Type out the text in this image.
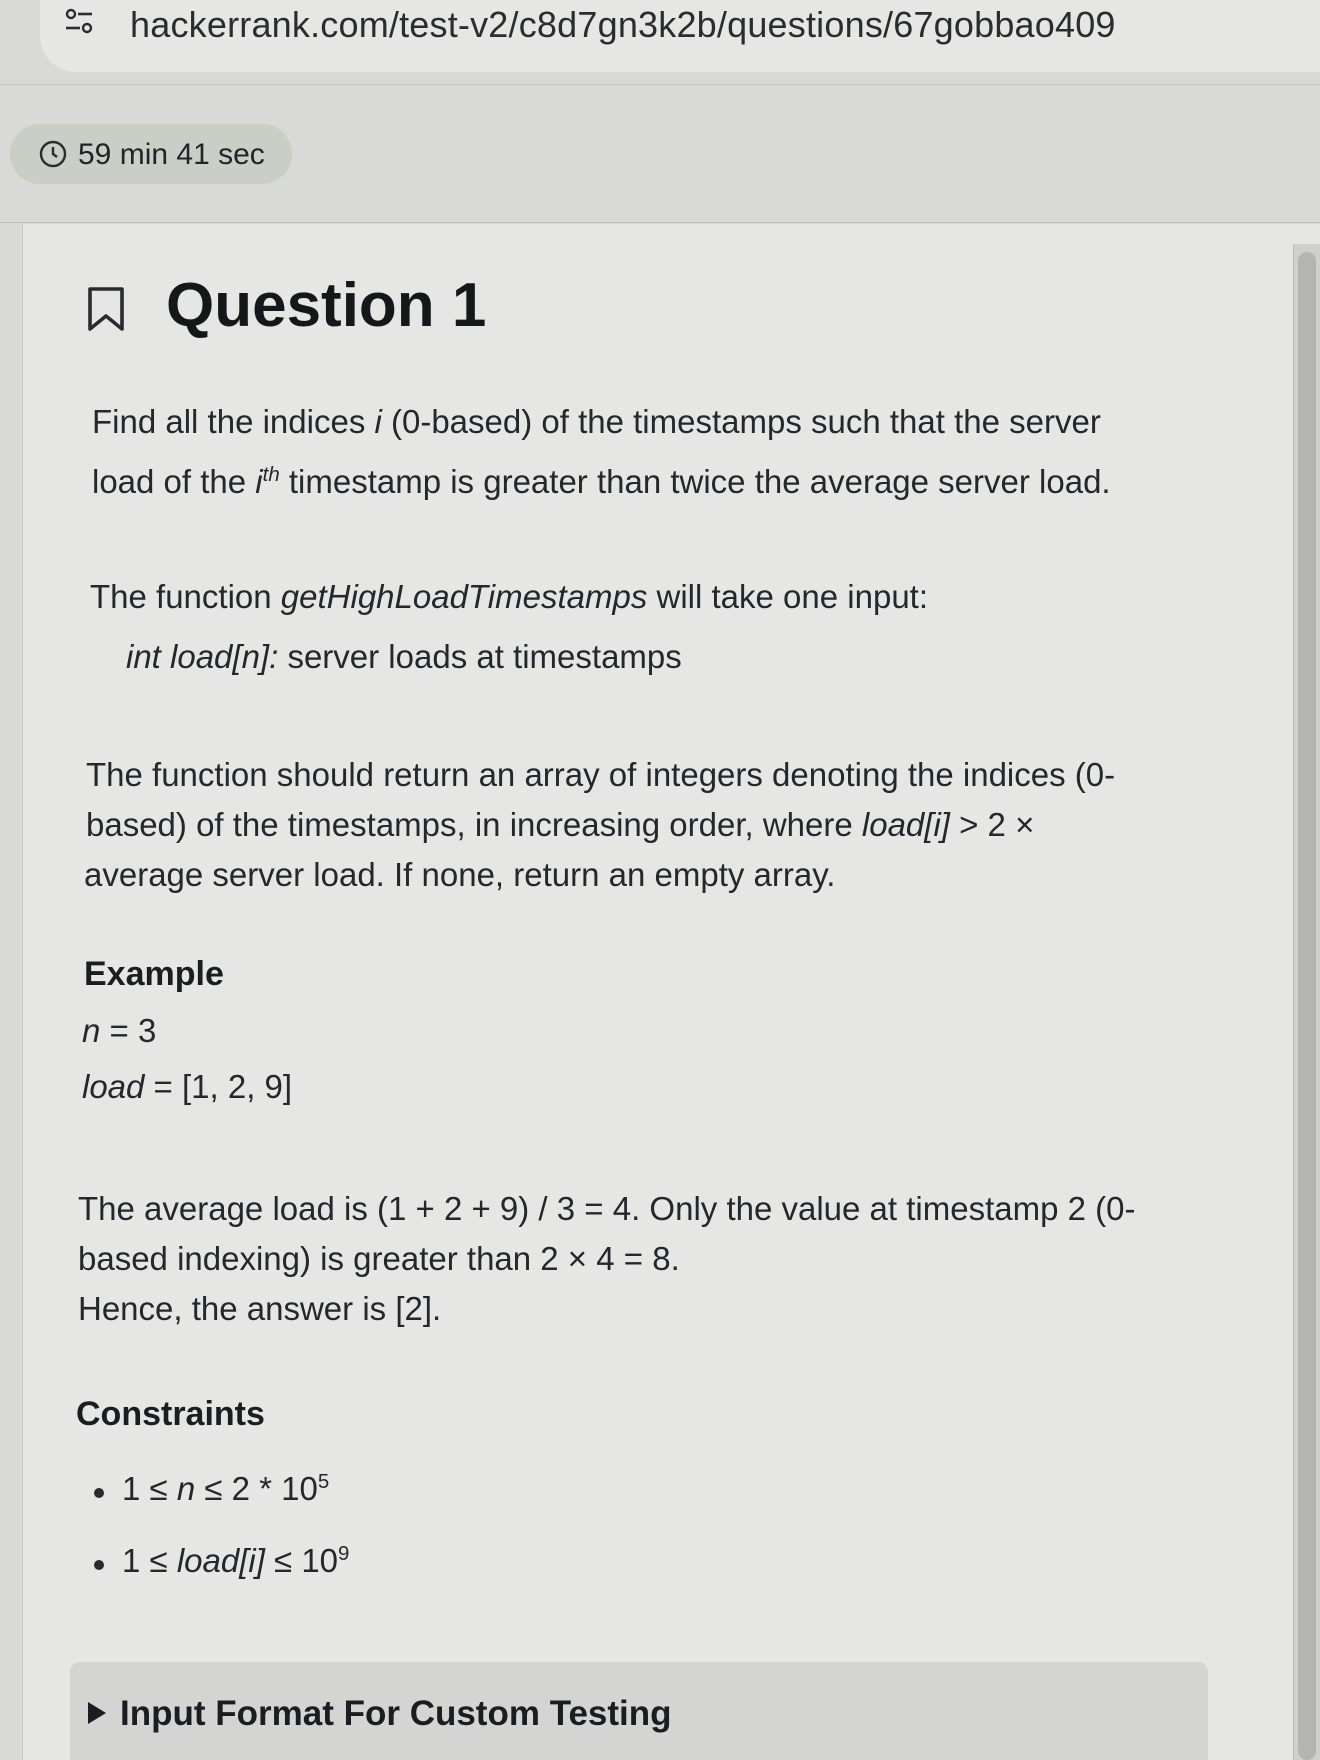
hackerrank.com/test-v2/c8d7gn3k2b/questions/67gobbao409
59 min 41 sec
Question 1
Find all the indices i (0-based) of the timestamps such that the server
load of the $i^{th}$ timestamp is greater than twice the average server load.
The function getHighLoadTimestamps will take one input:
int load[n]: server loads at timestamps
The function should return an array of integers denoting the indices (0-
based) of the timestamps, in increasing order, where load[i] > 2 ×
average server load. If none, return an empty array.
Example
n = 3
load = [1, 2, 9]
The average load is (1 + 2 + 9) / 3 = 4. Only the value at timestamp 2 (0-
based indexing) is greater than 2 × 4 = 8.
Hence, the answer is [2].
Constraints
$1 \le n \le 2 * 10^5$
1 ≤ load[i] ≤ $10^9$
Input Format For Custom Testing
